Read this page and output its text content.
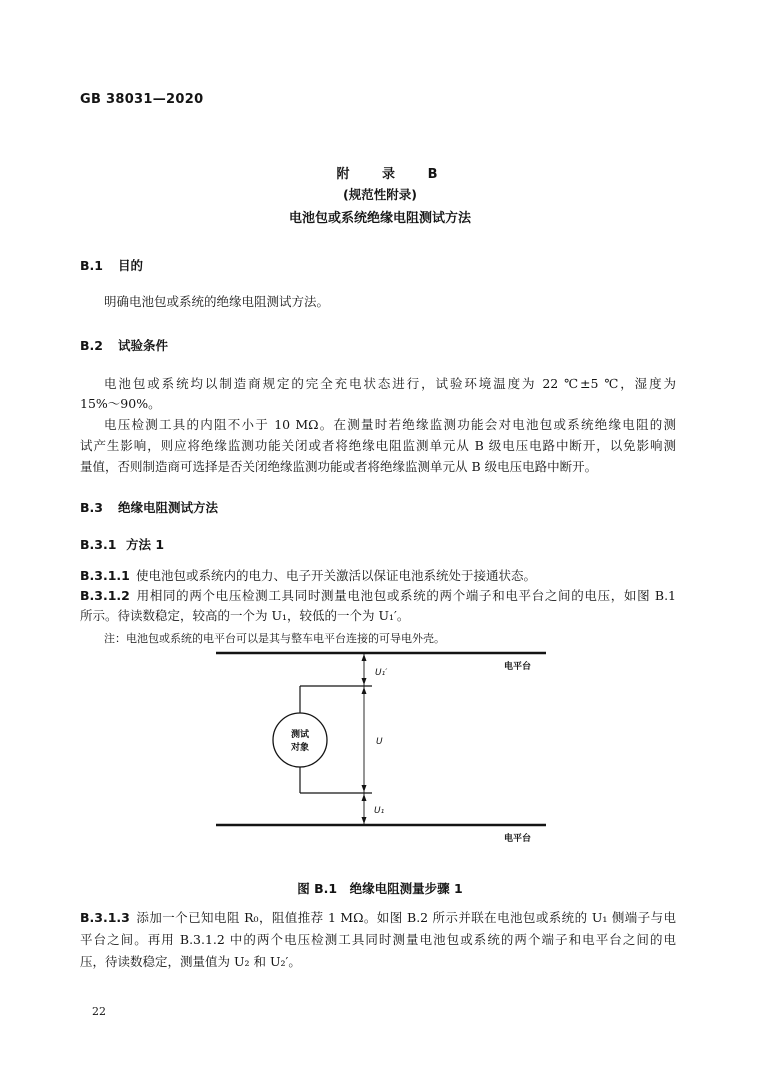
GB 38031—2020
附 录 B
(规范性附录)
电池包或系统绝缘电阻测试方法
B.1 目的
明确电池包或系统的绝缘电阻测试方法。
B.2 试验条件
电池包或系统均以制造商规定的完全充电状态进行，试验环境温度为 22 ℃±5 ℃，湿度为
15%～90%。
电压检测工具的内阻不小于 10 MΩ。在测量时若绝缘监测功能会对电池包或系统绝缘电阻的测
试产生影响，则应将绝缘监测功能关闭或者将绝缘电阻监测单元从 B 级电压电路中断开，以免影响测
量值，否则制造商可选择是否关闭绝缘监测功能或者将绝缘监测单元从 B 级电压电路中断开。
B.3 绝缘电阻测试方法
B.3.1 方法 1
B.3.1.1 使电池包或系统内的电力、电子开关激活以保证电池系统处于接通状态。
B.3.1.2 用相同的两个电压检测工具同时测量电池包或系统的两个端子和电平台之间的电压，如图 B.1
所示。待读数稳定，较高的一个为 U₁，较低的一个为 U₁′。
注：电池包或系统的电平台可以是其与整车电平台连接的可导电外壳。
测试
对象
U₁′
U
U₁
电平台
电平台
图 B.1　绝缘电阻测量步骤 1
B.3.1.3 添加一个已知电阻 R₀，阻值推荐 1 MΩ。如图 B.2 所示并联在电池包或系统的 U₁ 侧端子与电
平台之间。再用 B.3.1.2 中的两个电压检测工具同时测量电池包或系统的两个端子和电平台之间的电
压，待读数稳定，测量值为 U₂ 和 U₂′。
22
